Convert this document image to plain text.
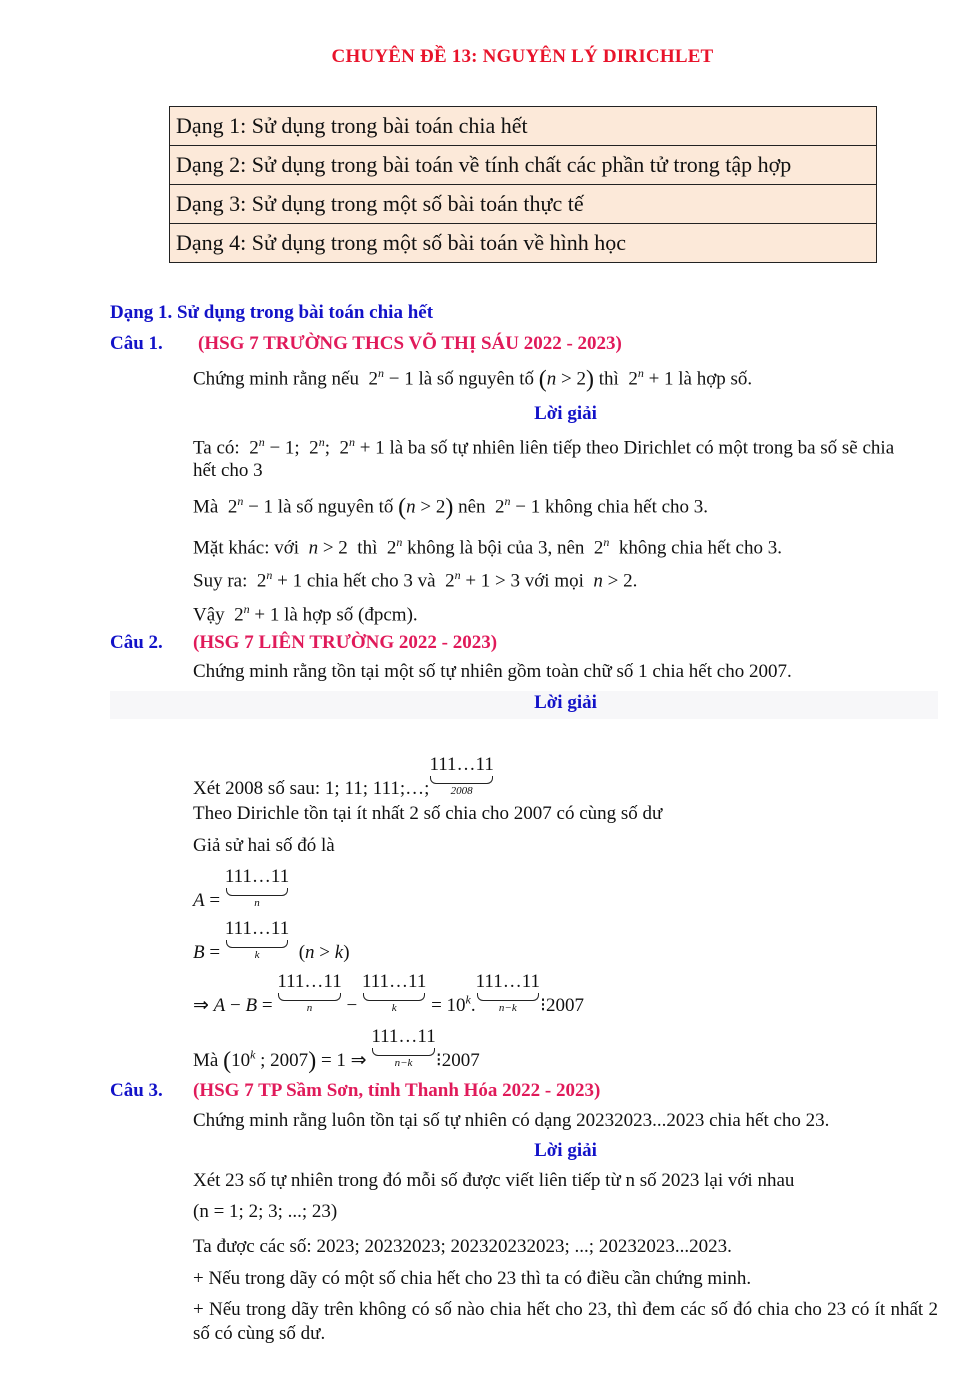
CHUYÊN ĐỀ 13: NGUYÊN LÝ DIRICHLET
Dạng 1: Sử dụng trong bài toán chia hết
Dạng 2: Sử dụng trong bài toán về tính chất các phần tử trong tập hợp
Dạng 3: Sử dụng trong một số bài toán thực tế
Dạng 4: Sử dụng trong một số bài toán về hình học
Dạng 1. Sử dụng trong bài toán chia hết
Câu 1. (HSG 7 TRƯỜNG THCS VÕ THỊ SÁU 2022 - 2023)
Chứng minh rằng nếu  $2^n - 1$ là số nguyên tố (n > 2) thì  $2^n + 1$ là hợp số.
Lời giải
Ta có:  $2^n - 1$;  2$^n$;  $2^n + 1$ là ba số tự nhiên liên tiếp theo Dirichlet có một trong ba số sẽ chia
hết cho 3
Mà  $2^n - 1$ là số nguyên tố (n > 2) nên  $2^n - 1$ không chia hết cho 3.
Mặt khác: với n > 2  thì  2$^n$ không là bội của 3, nên  2$^n$ không chia hết cho 3.
Suy ra:  $2^n + 1$ chia hết cho 3 và  $2^n + 1 > 3$ với mọi n > 2.
Vậy  $2^n + 1$ là hợp số (đpcm).
Câu 2. (HSG 7 LIÊN TRƯỜNG 2022 - 2023)
Chứng minh rằng tồn tại một số tự nhiên gồm toàn chữ số 1 chia hết cho 2007.
Lời giải
Xét 2008 số sau: 1; 11; 111;…;111…11
2008
Theo Dirichle tồn tại ít nhất 2 số chia cho 2007 có cùng số dư
Giả sử hai số đó là
A = 111…11
n
B = 111…11
k	(n > k)
⇒ A − B = 111…11
n	− 111…11
k	= $10^k.111\dots 11$
n−k	⁝2007
Mà (10$^k$ ; 2007) = 1 ⇒ 111…11
n−k	⁝2007
Câu 3. (HSG 7 TP Sầm Sơn, tỉnh Thanh Hóa 2022 - 2023)
Chứng minh rằng luôn tồn tại số tự nhiên có dạng 20232023...2023 chia hết cho 23.
Lời giải
Xét 23 số tự nhiên trong đó mỗi số được viết liên tiếp từ n số 2023 lại với nhau
(n = 1; 2; 3; ...; 23)
Ta được các số: 2023; 20232023; 202320232023; ...; 20232023...2023.
+ Nếu trong dãy có một số chia hết cho 23 thì ta có điều cần chứng minh.
+ Nếu trong dãy trên không có số nào chia hết cho 23, thì đem các số đó chia cho 23 có ít nhất 2 số có cùng số dư.
